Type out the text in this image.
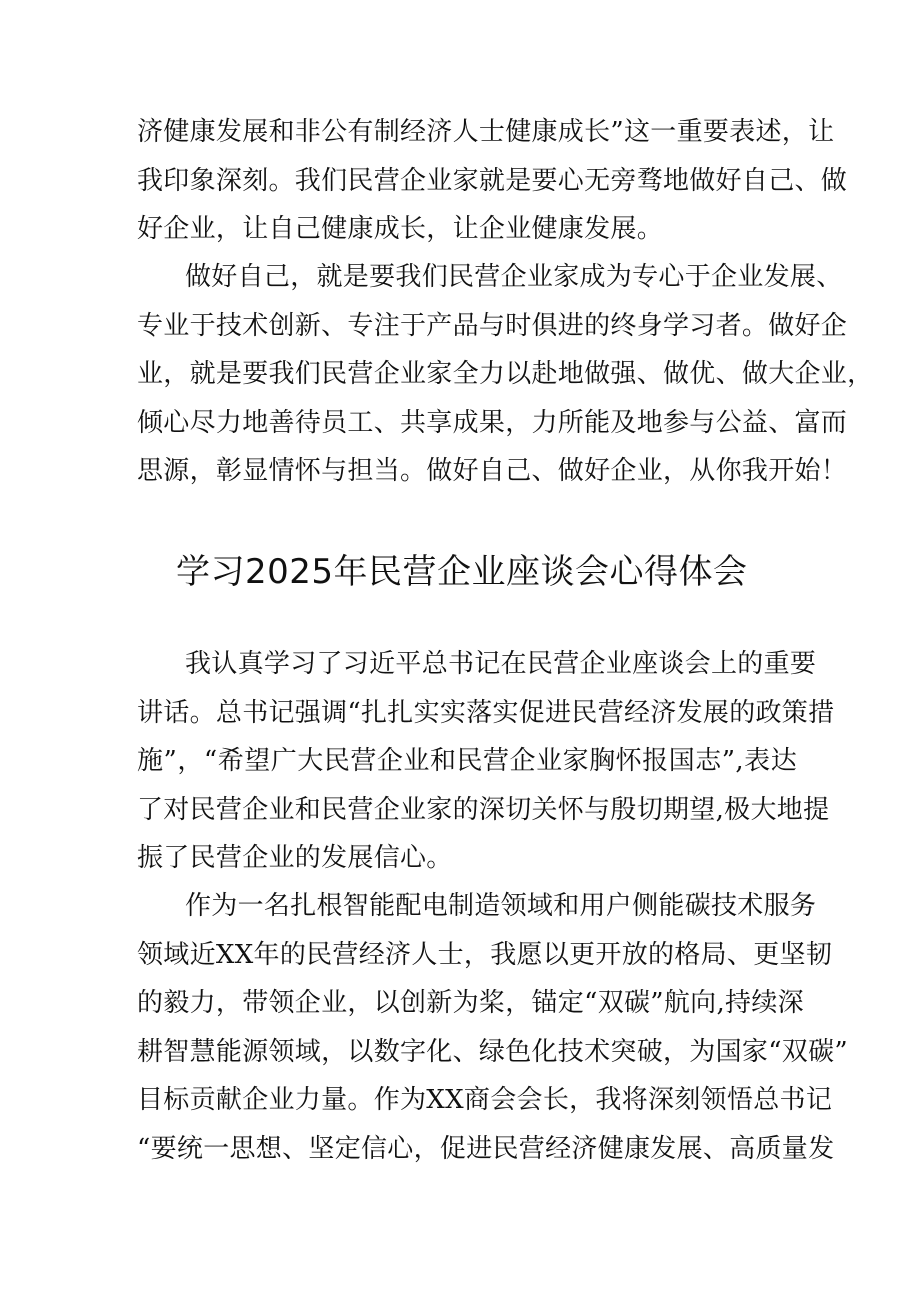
济健康发展和非公有制经济人士健康成长”这一重要表述，让
我印象深刻。我们民营企业家就是要心无旁骛地做好自己、做
好企业，让自己健康成长，让企业健康发展。
做好自己，就是要我们民营企业家成为专心于企业发展、
专业于技术创新、专注于产品与时俱进的终身学习者。做好企
业，就是要我们民营企业家全力以赴地做强、做优、做大企业，
倾心尽力地善待员工、共享成果，力所能及地参与公益、富而
思源，彰显情怀与担当。做好自己、做好企业，从你我开始！
学习2025年民营企业座谈会心得体会
我认真学习了习近平总书记在民营企业座谈会上的重要
讲话。总书记强调“扎扎实实落实促进民营经济发展的政策措
施”，“希望广大民营企业和民营企业家胸怀报国志”,表达
了对民营企业和民营企业家的深切关怀与殷切期望,极大地提
振了民营企业的发展信心。
作为一名扎根智能配电制造领域和用户侧能碳技术服务
领域近XX年的民营经济人士，我愿以更开放的格局、更坚韧
的毅力，带领企业，以创新为桨，锚定“双碳”航向,持续深
耕智慧能源领域，以数字化、绿色化技术突破，为国家“双碳”
目标贡献企业力量。作为XX商会会长，我将深刻领悟总书记
“要统一思想、坚定信心，促进民营经济健康发展、高质量发
